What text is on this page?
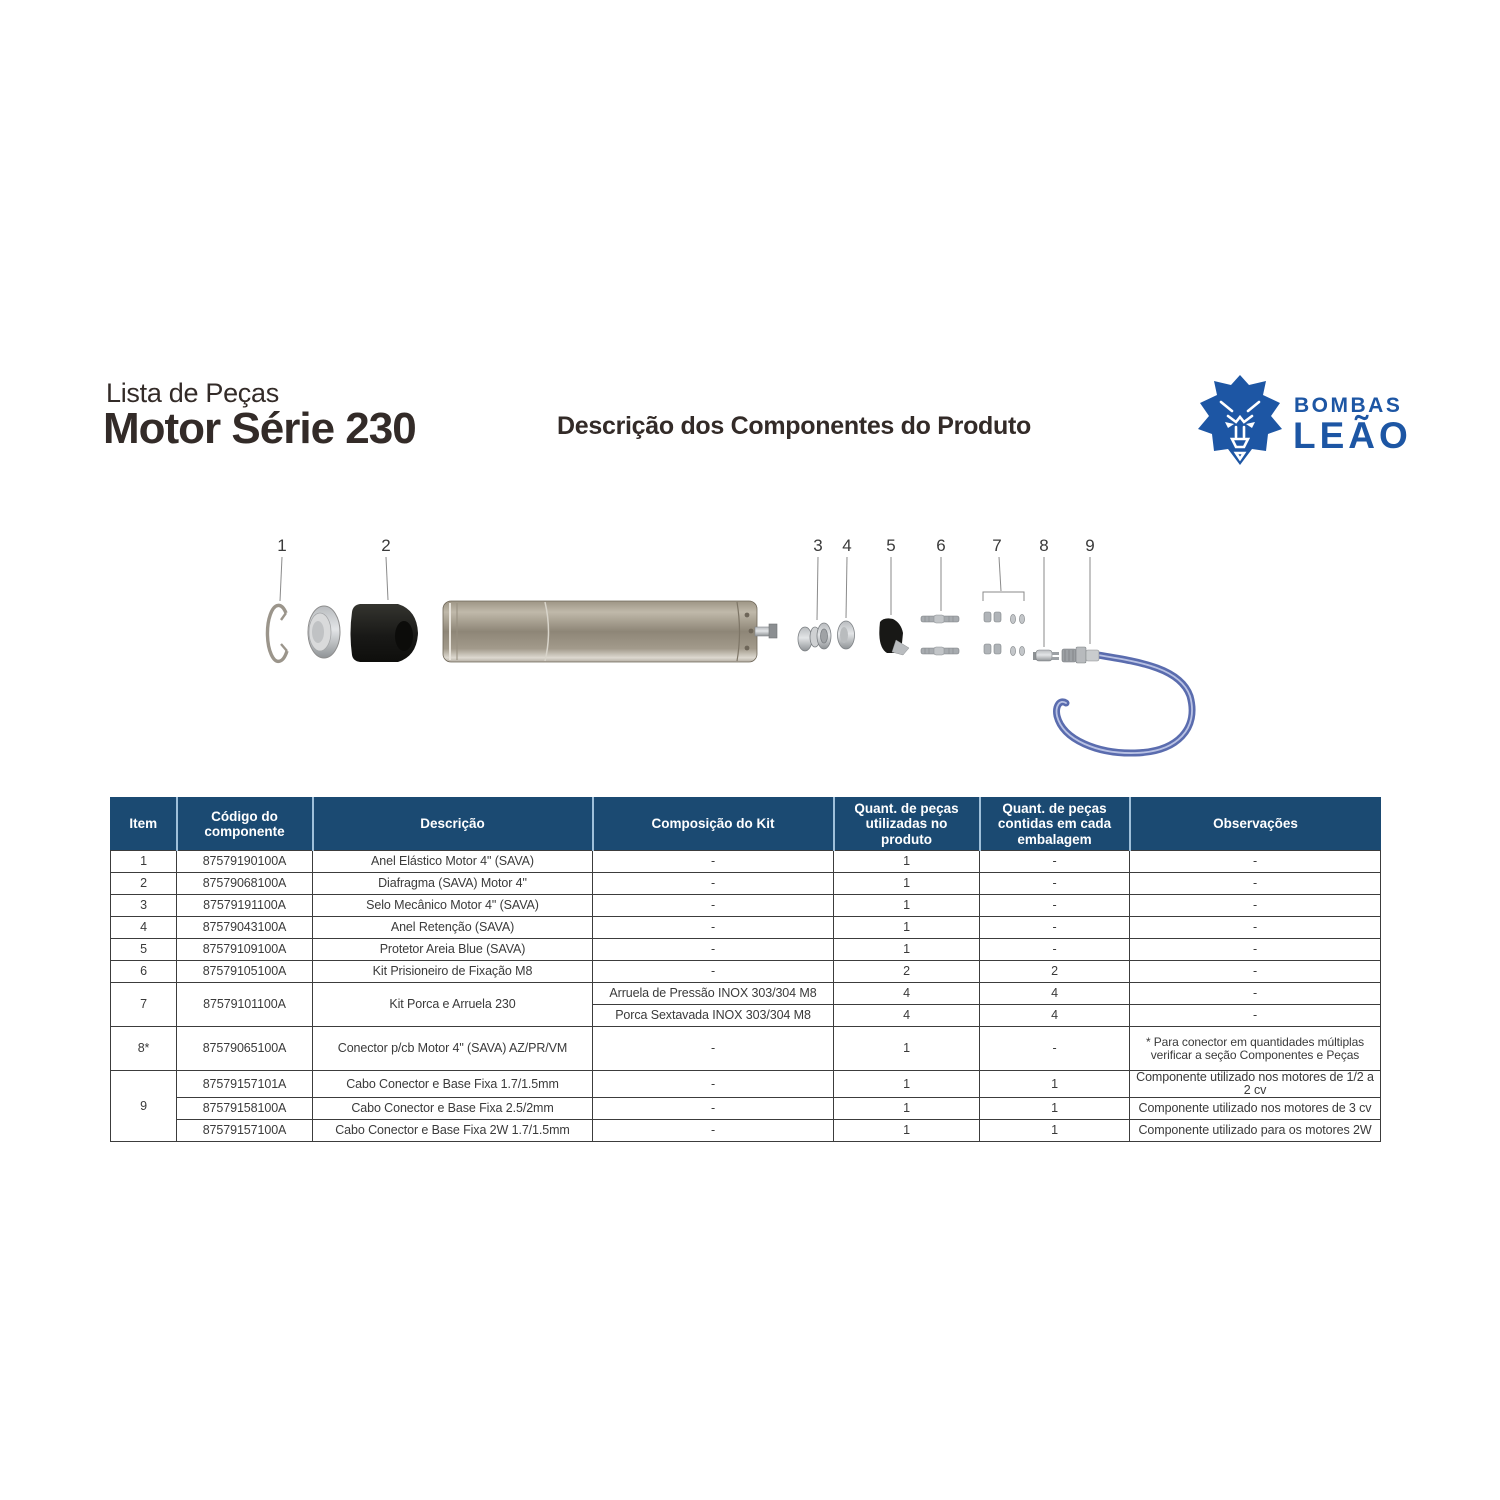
Lista de Peças
Motor Série 230	Descrição dos Componentes do Produto
BOMBAS
LEÃO
1	2	3 4 5 6	7 8 9
Item	Código do componente	Descrição	Composição do Kit	Quant. de peças utilizadas no produto	Quant. de peças contidas em cada embalagem	Observações
1	87579190100A	Anel Elástico Motor 4" (SAVA)	-	1	-	-
2	87579068100A	Diafragma (SAVA) Motor 4"	-	1	-	-
3	87579191100A	Selo Mecânico Motor 4" (SAVA)	-	1	-	-
4	87579043100A	Anel Retenção (SAVA)	-	1	-	-
5	87579109100A	Protetor Areia Blue (SAVA)	-	1	-	-
6	87579105100A	Kit Prisioneiro de Fixação M8	-	2	2	-
7	87579101100A	Kit Porca e Arruela 230	Arruela de Pressão INOX 303/304 M8	4	4	-
			Porca Sextavada INOX 303/304 M8	4	4	-
8*	87579065100A	Conector p/cb Motor 4" (SAVA) AZ/PR/VM	-	1	-	* Para conector em quantidades múltiplas verificar a seção Componentes e Peças
9	87579157101A	Cabo Conector e Base Fixa 1.7/1.5mm	-	1	1	Componente utilizado nos motores de 1/2 a 2 cv
	87579158100A	Cabo Conector e Base Fixa 2.5/2mm	-	1	1	Componente utilizado nos motores de 3 cv
	87579157100A	Cabo Conector e Base Fixa 2W 1.7/1.5mm	-	1	1	Componente utilizado para os motores 2W
